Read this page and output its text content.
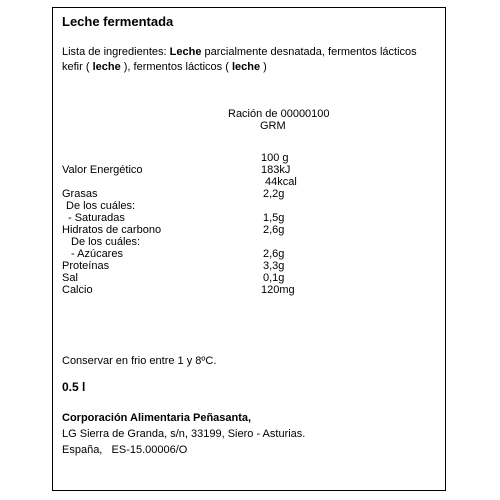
Leche fermentada
Lista de ingredientes: Leche parcialmente desnatada, fermentos lácticos kefir ( leche ), fermentos lácticos ( leche )
Ración de 00000100
GRM
100 g
Valor Energético	183kJ
44kcal
Grasas	2,2g
De los cuáles:
- Saturadas	1,5g
Hidratos de carbono	2,6g
De los cuáles:
- Azúcares	2,6g
Proteínas	3,3g
Sal	0,1g
Calcio	120mg
Conservar en frio entre 1 y 8ºC.
0.5 l
Corporación Alimentaria Peñasanta,
LG Sierra de Granda, s/n, 33199, Siero - Asturias.
España,   ES-15.00006/O
